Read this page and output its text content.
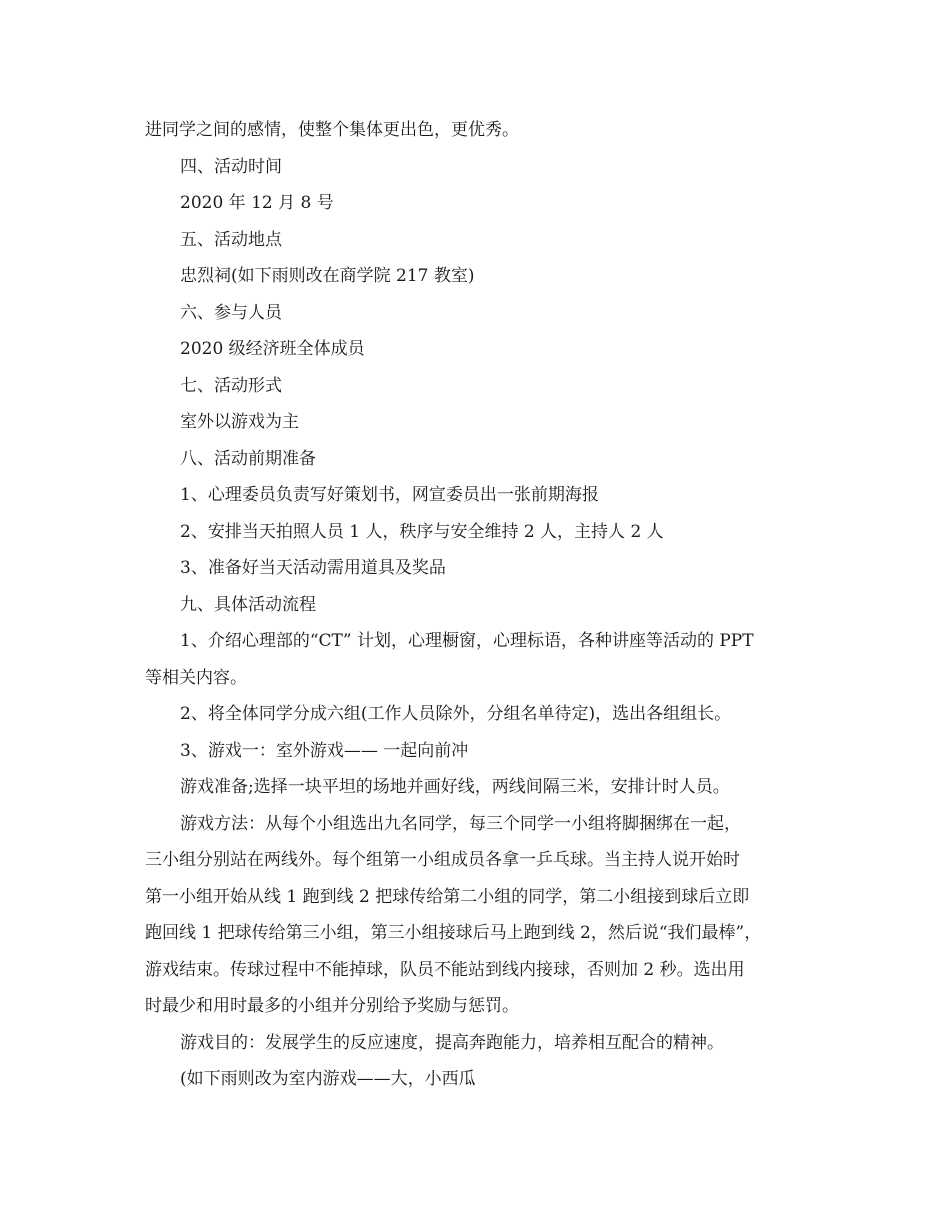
进同学之间的感情，使整个集体更出色，更优秀。
四、活动时间
2020 年 12 月 8 号
五、活动地点
忠烈祠(如下雨则改在商学院 217 教室)
六、参与人员
2020 级经济班全体成员
七、活动形式
室外以游戏为主
八、活动前期准备
1、心理委员负责写好策划书，网宣委员出一张前期海报
2、安排当天拍照人员 1 人，秩序与安全维持 2 人，主持人 2 人
3、准备好当天活动需用道具及奖品
九、具体活动流程
1、介绍心理部的“CT” 计划，心理橱窗，心理标语，各种讲座等活动的 PPT
等相关内容。
2、将全体同学分成六组(工作人员除外，分组名单待定)，选出各组组长。
3、游戏一：室外游戏—— 一起向前冲
游戏准备;选择一块平坦的场地并画好线，两线间隔三米，安排计时人员。
游戏方法：从每个小组选出九名同学，每三个同学一小组将脚捆绑在一起，
三小组分别站在两线外。每个组第一小组成员各拿一乒乓球。当主持人说开始时
第一小组开始从线 1 跑到线 2 把球传给第二小组的同学，第二小组接到球后立即
跑回线 1 把球传给第三小组，第三小组接球后马上跑到线 2，然后说“我们最棒”，
游戏结束。传球过程中不能掉球，队员不能站到线内接球，否则加 2 秒。选出用
时最少和用时最多的小组并分别给予奖励与惩罚。
游戏目的：发展学生的反应速度，提高奔跑能力，培养相互配合的精神。
(如下雨则改为室内游戏——大，小西瓜
